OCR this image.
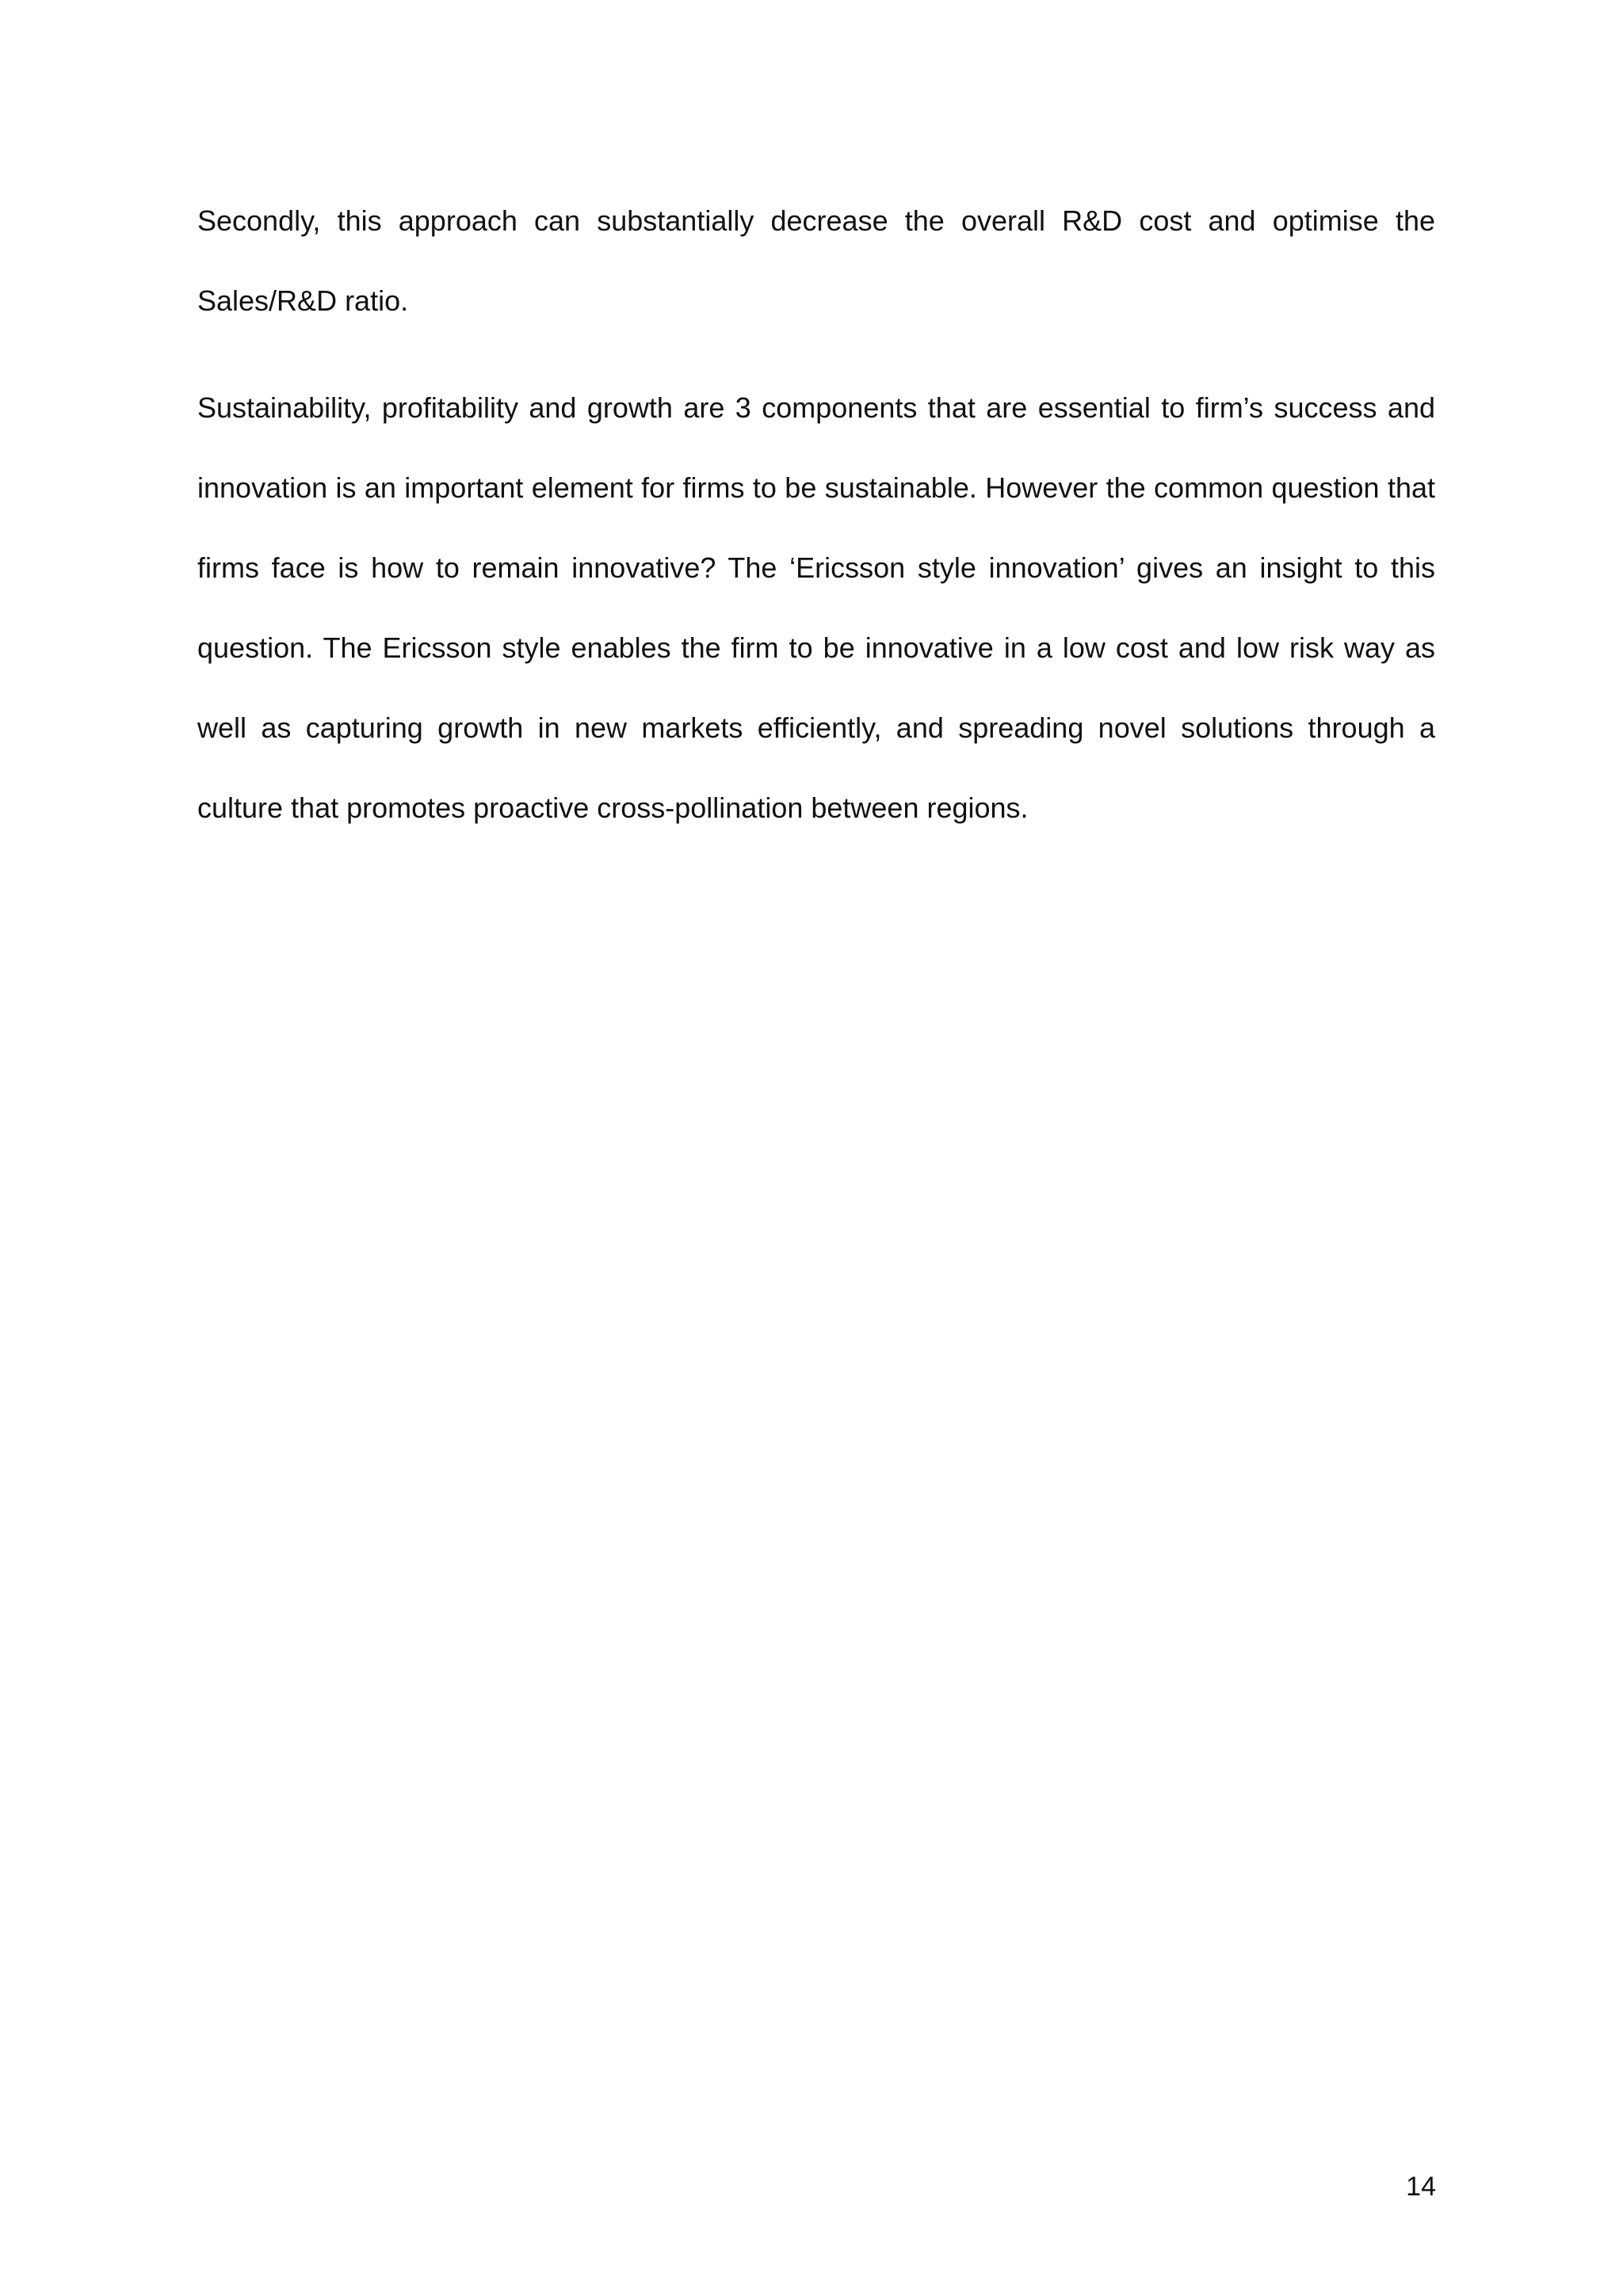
Secondly, this approach can substantially decrease the overall R&D cost and optimise the Sales/R&D ratio.

Sustainability, profitability and growth are 3 components that are essential to firm’s success and innovation is an important element for firms to be sustainable. However the common question that firms face is how to remain innovative? The ‘Ericsson style innovation’ gives an insight to this question. The Ericsson style enables the firm to be innovative in a low cost and low risk way as well as capturing growth in new markets efficiently, and spreading novel solutions through a culture that promotes proactive cross-pollination between regions.

14
